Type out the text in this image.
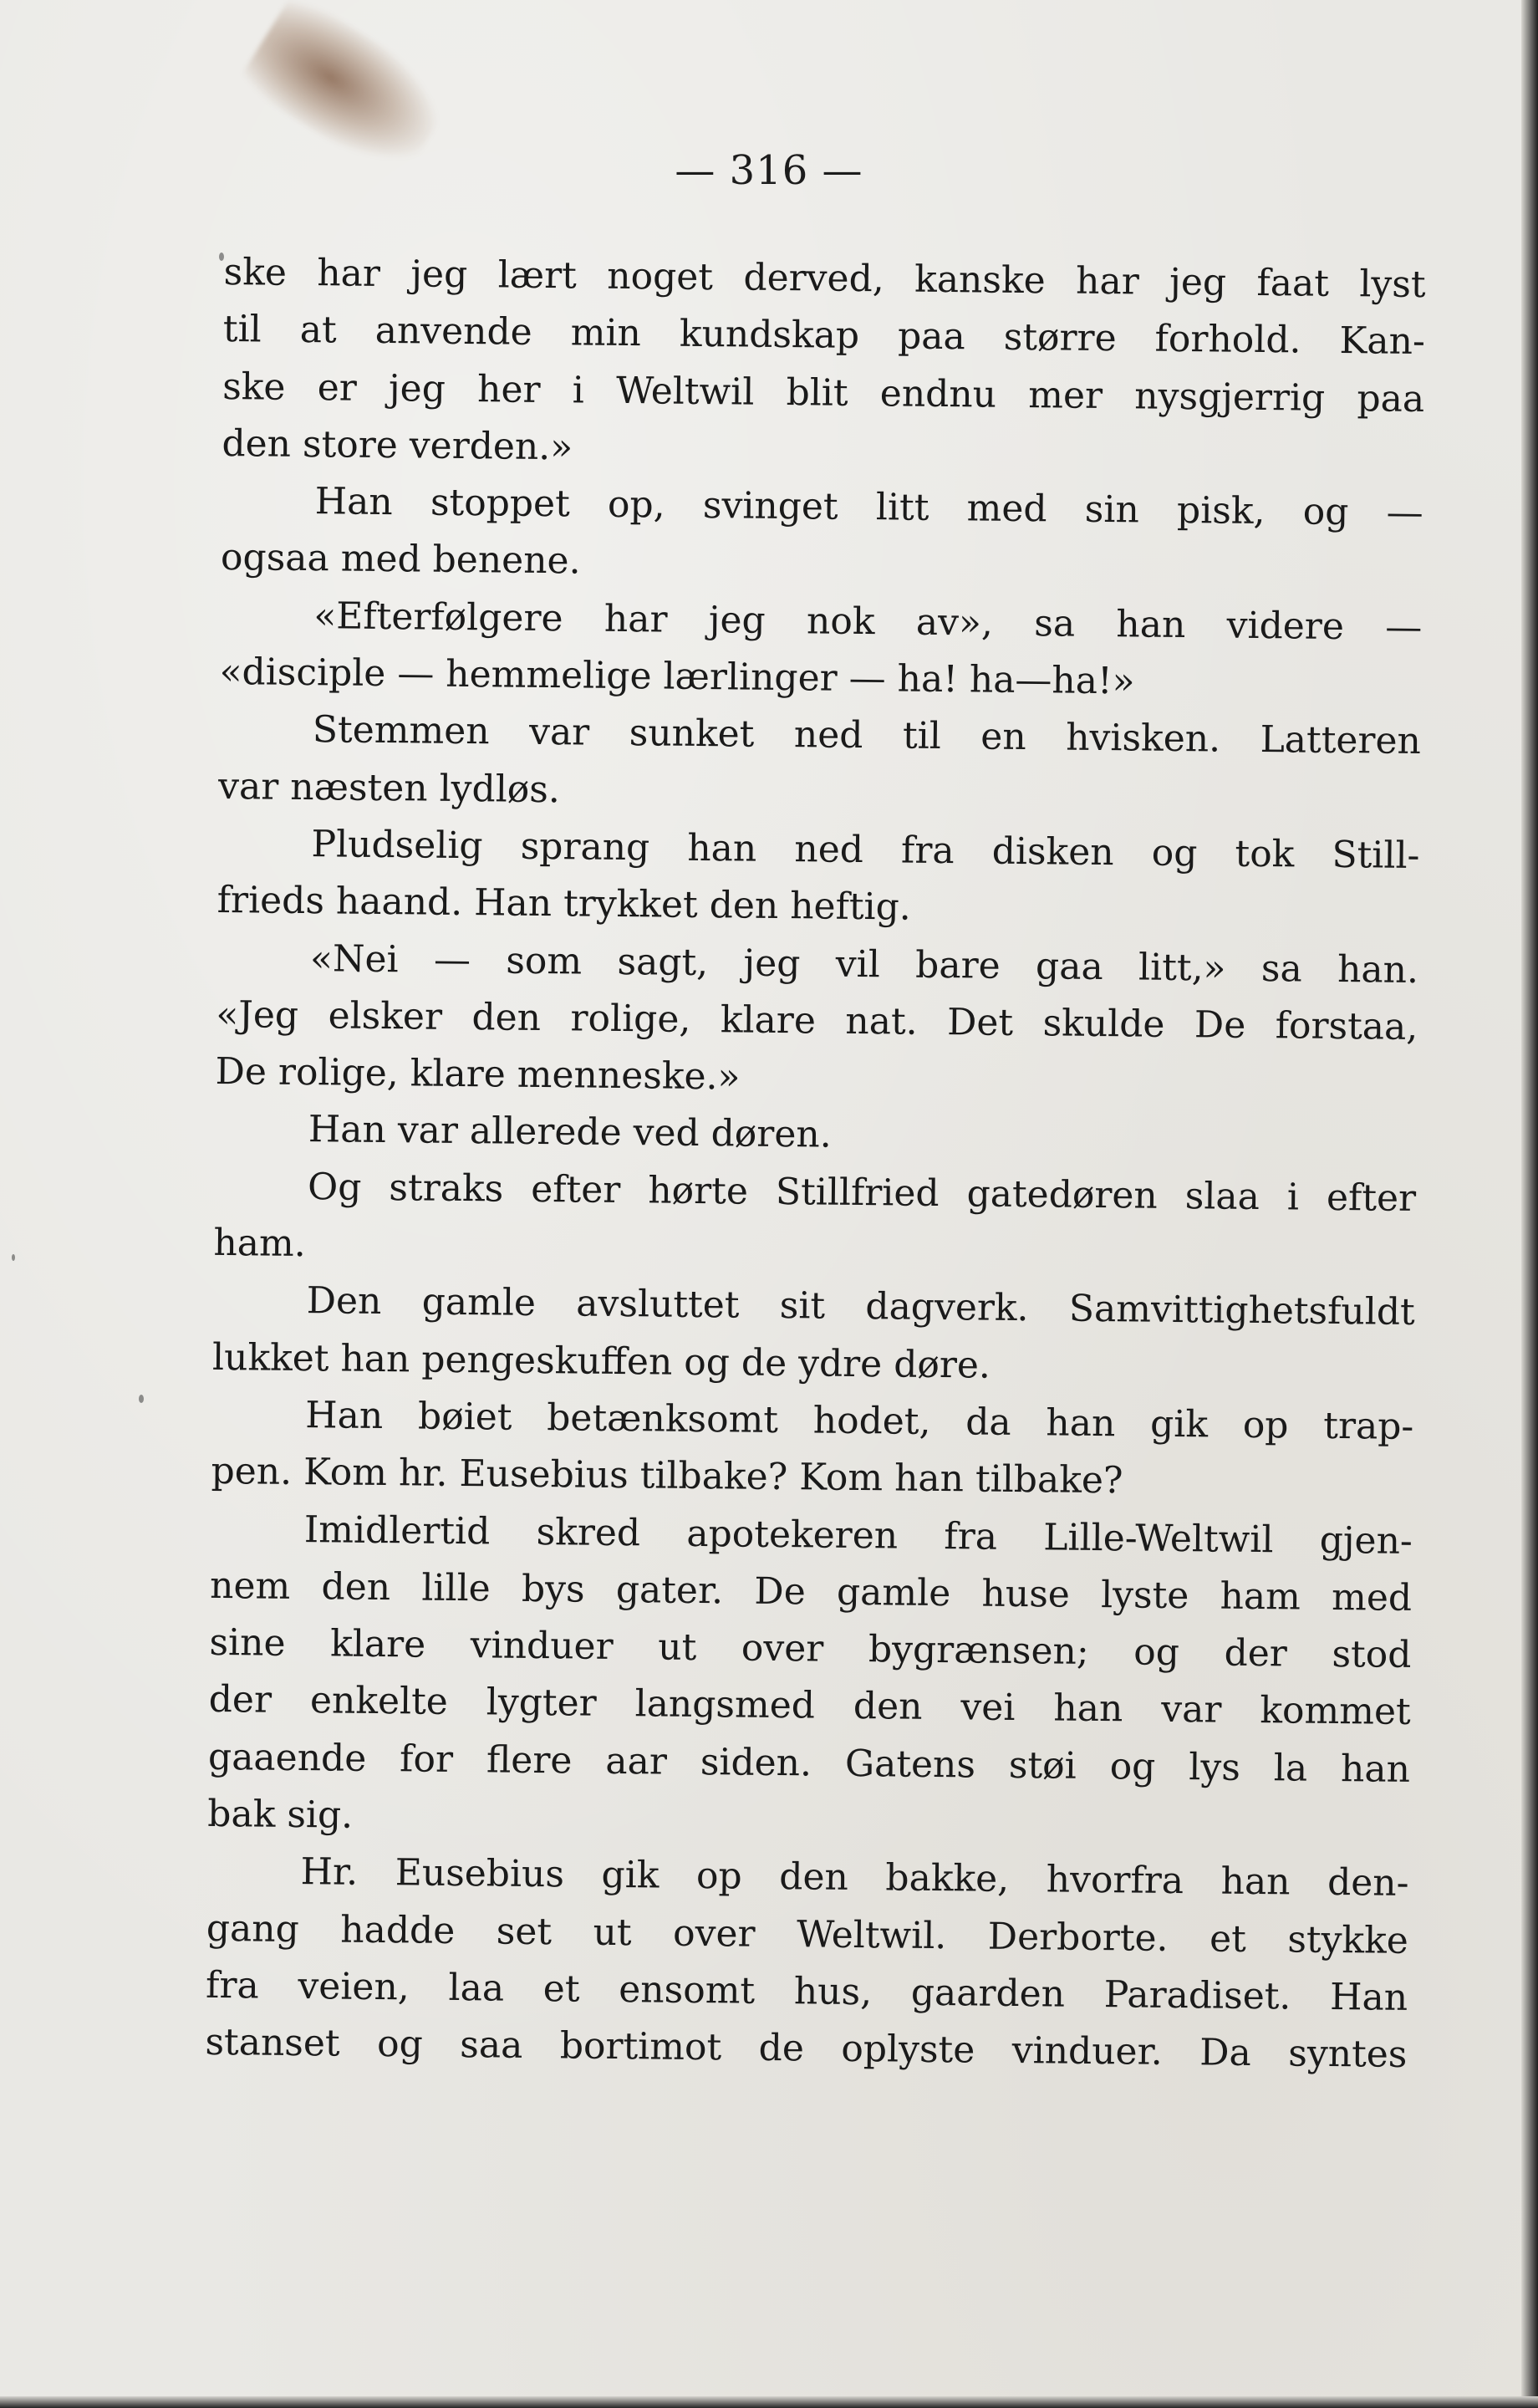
— 316 —
ske har jeg lært noget derved, kanske har jeg faat lyst
til at anvende min kundskap paa større forhold. Kan-
ske er jeg her i Weltwil blit endnu mer nysgjerrig paa
den store verden.»
Han stoppet op, svinget litt med sin pisk, og —
ogsaa med benene.
«Efterfølgere har jeg nok av», sa han videre —
«disciple — hemmelige lærlinger — ha! ha—ha!»
Stemmen var sunket ned til en hvisken. Latteren
var næsten lydløs.
Pludselig sprang han ned fra disken og tok Still-
frieds haand. Han trykket den heftig.
«Nei — som sagt, jeg vil bare gaa litt,» sa han.
«Jeg elsker den rolige, klare nat. Det skulde De forstaa,
De rolige, klare menneske.»
Han var allerede ved døren.
Og straks efter hørte Stillfried gatedøren slaa i efter
ham.
Den gamle avsluttet sit dagverk. Samvittighetsfuldt
lukket han pengeskuffen og de ydre døre.
Han bøiet betænksomt hodet, da han gik op trap-
pen. Kom hr. Eusebius tilbake? Kom han tilbake?
Imidlertid skred apotekeren fra Lille-Weltwil gjen-
nem den lille bys gater. De gamle huse lyste ham med
sine klare vinduer ut over bygrænsen; og der stod
der enkelte lygter langsmed den vei han var kommet
gaaende for flere aar siden. Gatens støi og lys la han
bak sig.
Hr. Eusebius gik op den bakke, hvorfra han den-
gang hadde set ut over Weltwil. Derborte. et stykke
fra veien, laa et ensomt hus, gaarden Paradiset. Han
stanset og saa bortimot de oplyste vinduer. Da syntes
